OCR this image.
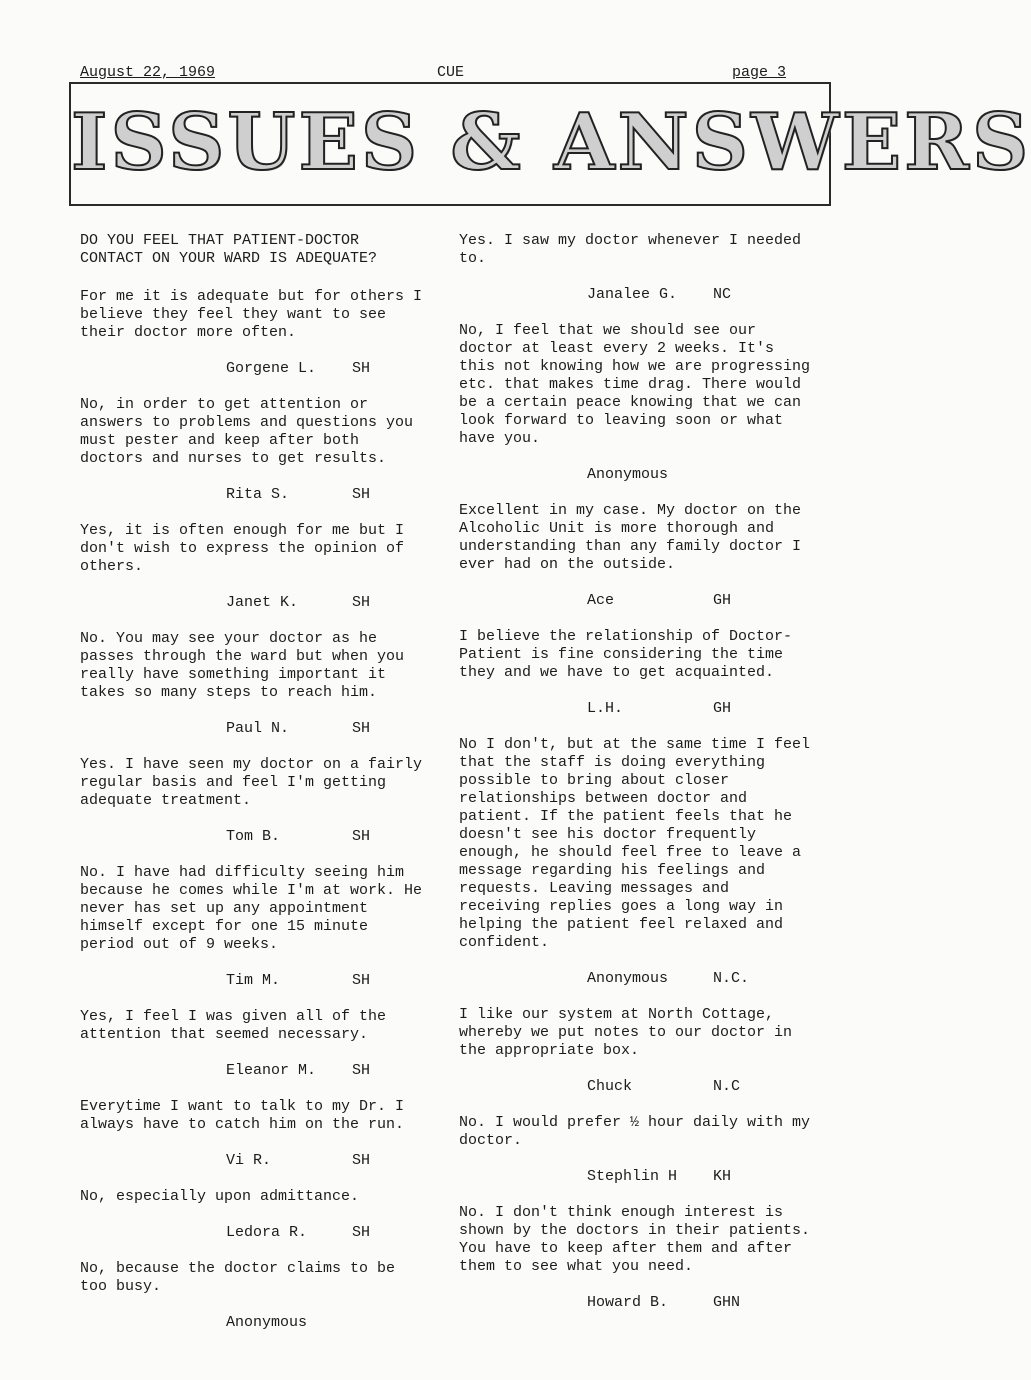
August 22, 1969	CUE	page 3
ISSUES & ANSWERS

DO YOU FEEL THAT PATIENT-DOCTOR CONTACT ON YOUR WARD IS ADEQUATE?

For me it is adequate but for others I believe they feel they want to see their doctor more often.

Gorgene L. SH

No, in order to get attention or answers to problems and questions you must pester and keep after both doctors and nurses to get results.

Rita S.	SH

Yes, it is often enough for me but I don't wish to express the opinion of others.

Janet K.	SH

No. You may see your doctor as he passes through the ward but when you really have something important it takes so many steps to reach him.

Paul N.	SH

Yes. I have seen my doctor on a fairly regular basis and feel I'm getting adequate treatment.

Tom B.	SH

No. I have had difficulty seeing him because he comes while I'm at work. He never has set up any appointment himself except for one 15 minute period out of 9 weeks.

Tim M.	SH

Yes, I feel I was given all of the attention that seemed necessary.

Eleanor M. SH

Everytime I want to talk to my Dr. I always have to catch him on the run.

Vi R.	SH

No, especially upon admittance.

Ledora R.	SH

No, because the doctor claims to be too busy.

Anonymous

Yes. I saw my doctor whenever I needed to.

Janalee G. NC

No, I feel that we should see our doctor at least every 2 weeks. It's this not knowing how we are progressing etc. that makes time drag. There would be a certain peace knowing that we can look forward to leaving soon or what have you.

Anonymous

Excellent in my case. My doctor on the Alcoholic Unit is more thorough and understanding than any family doctor I ever had on the outside.

Ace	GH

I believe the relationship of Doctor-Patient is fine considering the time they and we have to get acquainted.

L.H.	GH

No I don't, but at the same time I feel that the staff is doing everything possible to bring about closer relationships between doctor and patient. If the patient feels that he doesn't see his doctor frequently enough, he should feel free to leave a message regarding his feelings and requests. Leaving messages and receiving replies goes a long way in helping the patient feel relaxed and confident.

Anonymous	N.C.

I like our system at North Cottage, whereby we put notes to our doctor in the appropriate box.

Chuck	N.C

No. I would prefer ½ hour daily with my doctor.

Stephlin H KH

No. I don't think enough interest is shown by the doctors in their patients. You have to keep after them and after them to see what you need.

Howard B.	GHN
